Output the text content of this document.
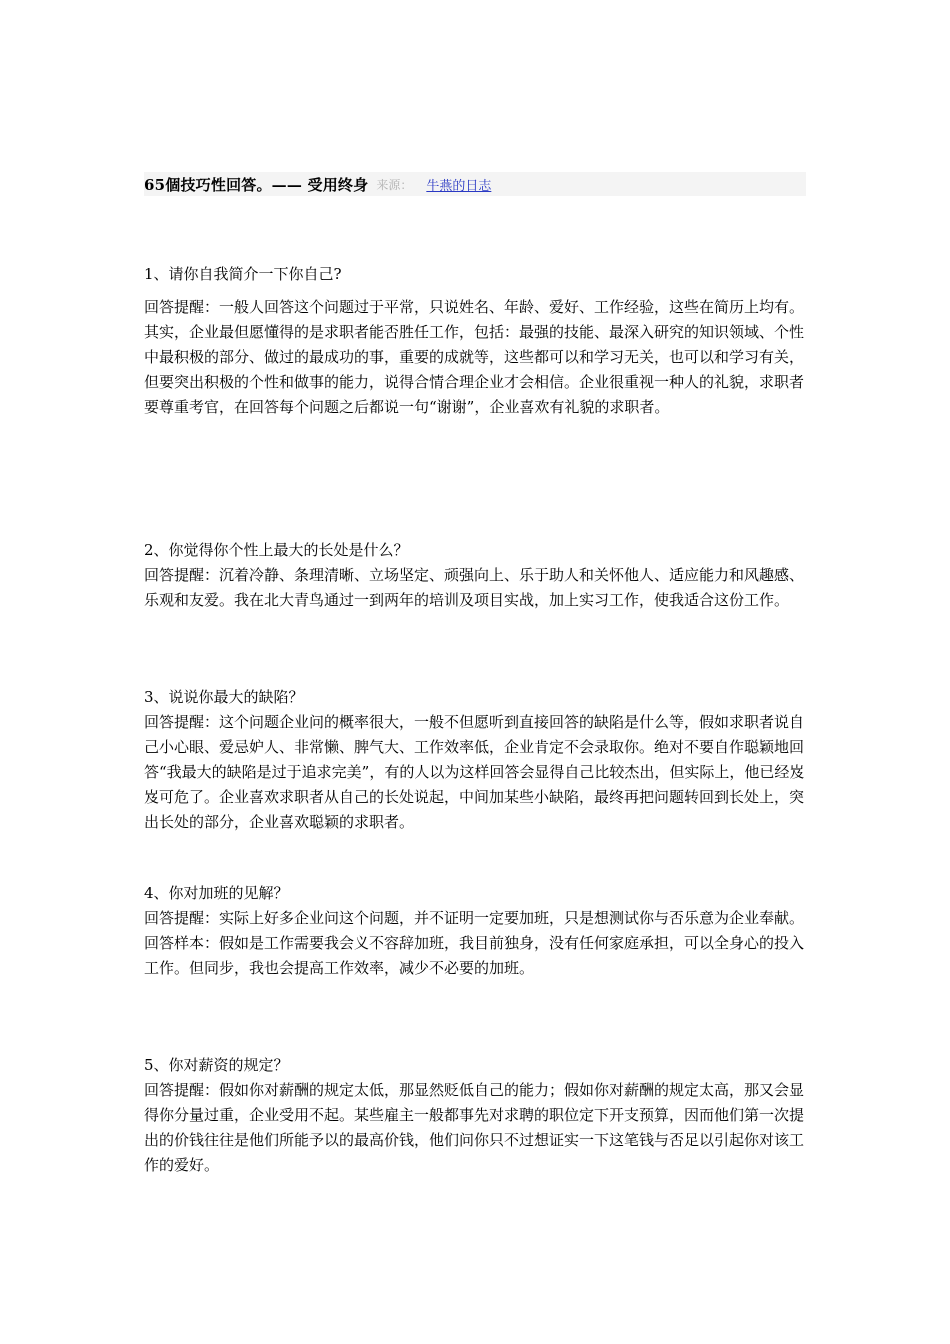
65個技巧性回答。—— 受用终身 来源： 牛燕的日志

1、请你自我简介一下你自己?

回答提醒：一般人回答这个问题过于平常，只说姓名、年龄、爱好、工作经验，这些在简历上均有。其实，企业最但愿懂得的是求职者能否胜任工作，包括：最强的技能、最深入研究的知识领域、个性中最积极的部分、做过的最成功的事，重要的成就等，这些都可以和学习无关，也可以和学习有关，但要突出积极的个性和做事的能力，说得合情合理企业才会相信。企业很重视一种人的礼貌，求职者要尊重考官，在回答每个问题之后都说一句“谢谢”，企业喜欢有礼貌的求职者。

2、你觉得你个性上最大的长处是什么？

回答提醒：沉着冷静、条理清晰、立场坚定、顽强向上、乐于助人和关怀他人、适应能力和风趣感、乐观和友爱。我在北大青鸟通过一到两年的培训及项目实战，加上实习工作，使我适合这份工作。

3、说说你最大的缺陷？

回答提醒：这个问题企业问的概率很大，一般不但愿听到直接回答的缺陷是什么等，假如求职者说自己小心眼、爱忌妒人、非常懒、脾气大、工作效率低，企业肯定不会录取你。绝对不要自作聪颖地回答“我最大的缺陷是过于追求完美”，有的人以为这样回答会显得自己比较杰出，但实际上，他已经岌岌可危了。企业喜欢求职者从自己的长处说起，中间加某些小缺陷，最终再把问题转回到长处上，突出长处的部分，企业喜欢聪颖的求职者。

4、你对加班的见解？

回答提醒：实际上好多企业问这个问题，并不证明一定要加班，只是想测试你与否乐意为企业奉献。

回答样本：假如是工作需要我会义不容辞加班，我目前独身，没有任何家庭承担，可以全身心的投入工作。但同步，我也会提高工作效率，减少不必要的加班。

5、你对薪资的规定？

回答提醒：假如你对薪酬的规定太低，那显然贬低自己的能力；假如你对薪酬的规定太高，那又会显得你分量过重，企业受用不起。某些雇主一般都事先对求聘的职位定下开支预算，因而他们第一次提出的价钱往往是他们所能予以的最高价钱，他们问你只不过想证实一下这笔钱与否足以引起你对该工作的爱好。
